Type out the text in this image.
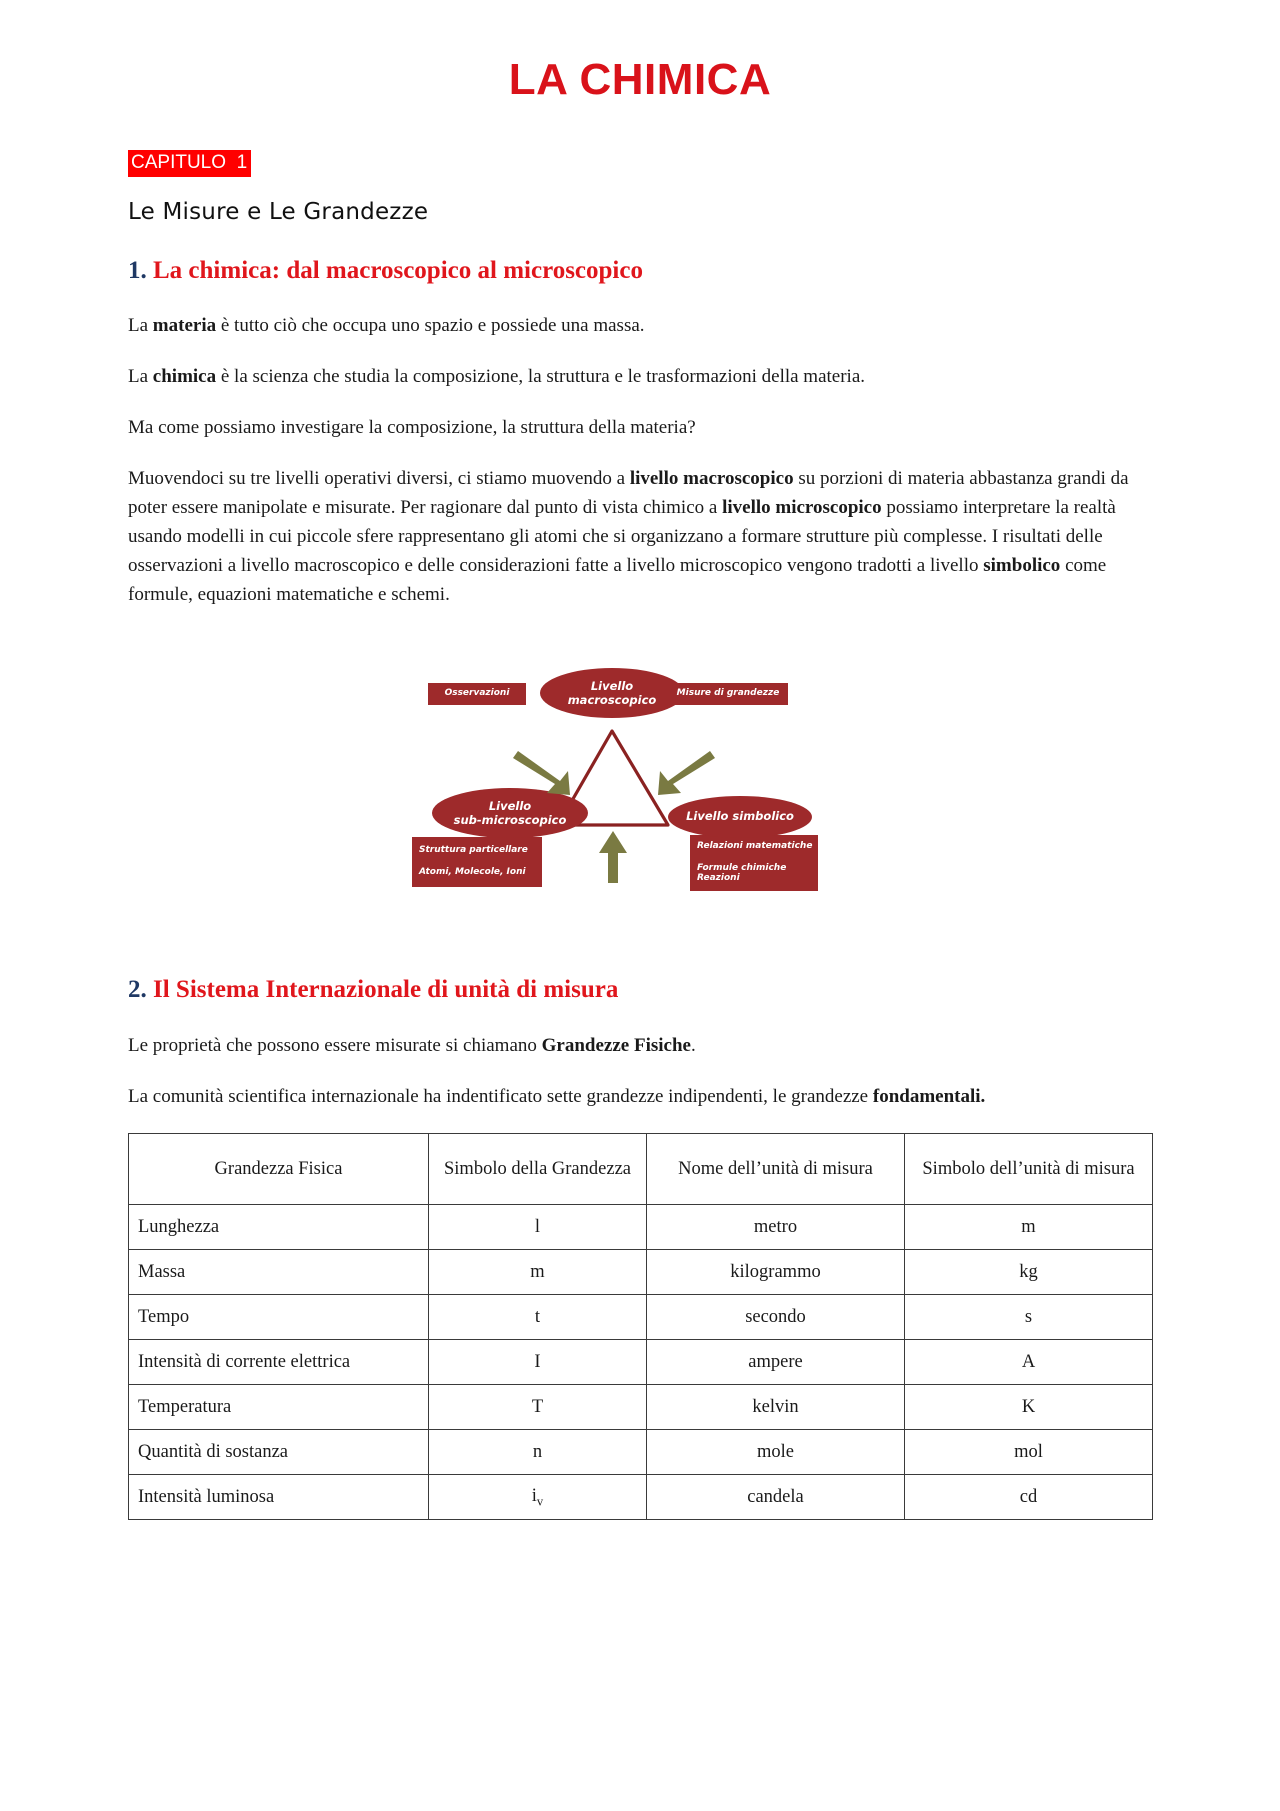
LA CHIMICA
CAPITULO  1
Le Misure e Le Grandezze
1. La chimica: dal macroscopico al microscopico

La materia è tutto ciò che occupa uno spazio e possiede una massa.

La chimica è la scienza che studia la composizione, la struttura e le trasformazioni della materia.

Ma come possiamo investigare la composizione, la struttura della materia?

Muovendoci su tre livelli operativi diversi, ci stiamo muovendo a livello macroscopico su porzioni di materia abbastanza grandi da poter essere manipolate e misurate. Per ragionare dal punto di vista chimico a livello microscopico possiamo interpretare la realtà usando modelli in cui piccole sfere rappresentano gli atomi che si organizzano a formare strutture più complesse. I risultati delle osservazioni a livello macroscopico e delle considerazioni fatte a livello microscopico vengono tradotti a livello simbolico come formule, equazioni matematiche e schemi.

Livello
macroscopico
Livello
sub-microscopico	Livello simbolico
Osservazioni	Misure di grandezze
Struttura particellare

Atomi, Molecole, Ioni
Relazioni matematiche

Formule chimiche
Reazioni
2. Il Sistema Internazionale di unità di misura

Le proprietà che possono essere misurate si chiamano Grandezze Fisiche.

La comunità scientifica internazionale ha indentificato sette grandezze indipendenti, le grandezze fondamentali.

Grandezza Fisica	Simbolo della Grandezza	Nome dell’unità di misura	Simbolo dell’unità di misura
Lunghezza	l	metro	m
Massa	m	kilogrammo	kg
Tempo	t	secondo	s
Intensità di corrente elettrica	I	ampere	A
Temperatura	T	kelvin	K
Quantità di sostanza	n	mole	mol
Intensità luminosa	$i_v$	candela	cd
